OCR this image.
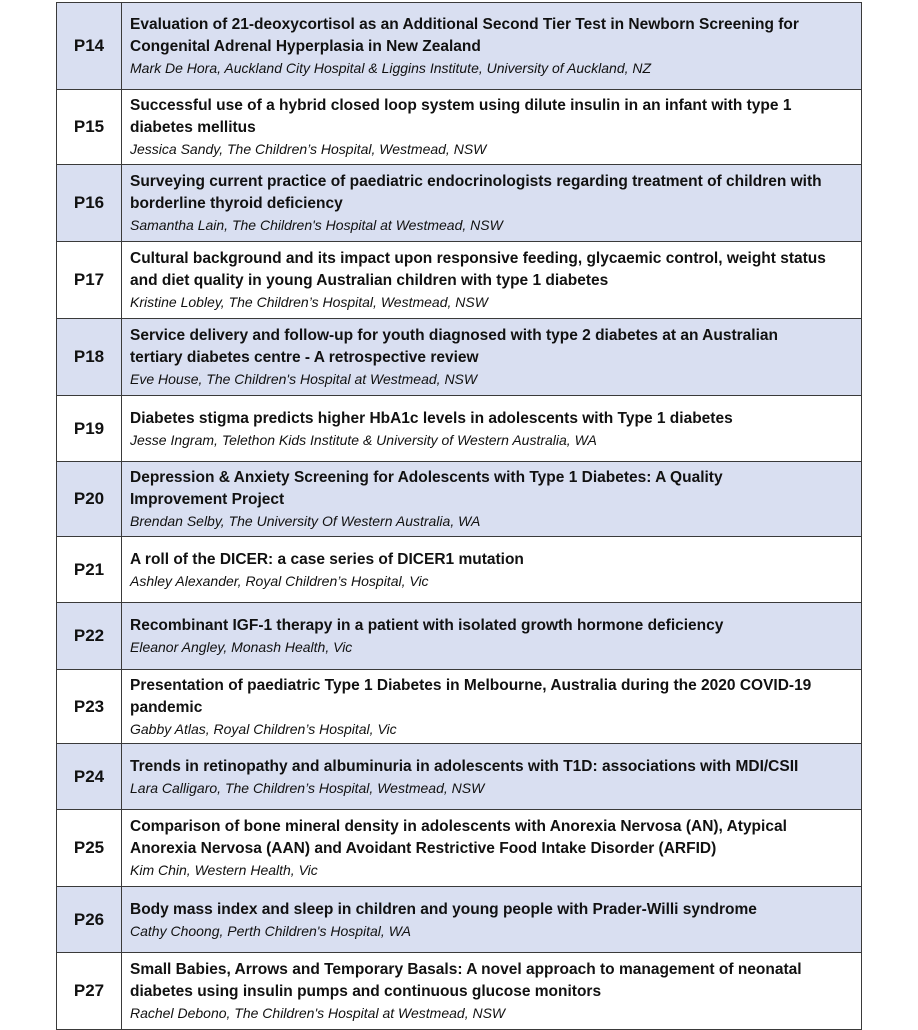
P14	Evaluation of 21-deoxycortisol as an Additional Second Tier Test in Newborn Screening for
Congenital Adrenal Hyperplasia in New Zealand
Mark De Hora, Auckland City Hospital & Liggins Institute, University of Auckland, NZ

P15	Successful use of a hybrid closed loop system using dilute insulin in an infant with type 1
diabetes mellitus
Jessica Sandy, The Children’s Hospital, Westmead, NSW

P16	Surveying current practice of paediatric endocrinologists regarding treatment of children with
borderline thyroid deficiency
Samantha Lain, The Children's Hospital at Westmead, NSW

P17	Cultural background and its impact upon responsive feeding, glycaemic control, weight status
and diet quality in young Australian children with type 1 diabetes
Kristine Lobley, The Children’s Hospital, Westmead, NSW

P18	Service delivery and follow-up for youth diagnosed with type 2 diabetes at an Australian
tertiary diabetes centre - A retrospective review
Eve House, The Children's Hospital at Westmead, NSW

P19	Diabetes stigma predicts higher HbA1c levels in adolescents with Type 1 diabetes
Jesse Ingram, Telethon Kids Institute & University of Western Australia, WA

P20	Depression & Anxiety Screening for Adolescents with Type 1 Diabetes: A Quality
Improvement Project
Brendan Selby, The University Of Western Australia, WA

P21	A roll of the DICER: a case series of DICER1 mutation
Ashley Alexander, Royal Children’s Hospital, Vic

P22	Recombinant IGF-1 therapy in a patient with isolated growth hormone deficiency
Eleanor Angley, Monash Health, Vic

P23	Presentation of paediatric Type 1 Diabetes in Melbourne, Australia during the 2020 COVID-19
pandemic
Gabby Atlas, Royal Children’s Hospital, Vic

P24	Trends in retinopathy and albuminuria in adolescents with T1D: associations with MDI/CSII
Lara Calligaro, The Children’s Hospital, Westmead, NSW

P25	Comparison of bone mineral density in adolescents with Anorexia Nervosa (AN), Atypical
Anorexia Nervosa (AAN) and Avoidant Restrictive Food Intake Disorder (ARFID)
Kim Chin, Western Health, Vic

P26	Body mass index and sleep in children and young people with Prader-Willi syndrome
Cathy Choong, Perth Children's Hospital, WA

P27	Small Babies, Arrows and Temporary Basals: A novel approach to management of neonatal
diabetes using insulin pumps and continuous glucose monitors
Rachel Debono, The Children's Hospital at Westmead, NSW
